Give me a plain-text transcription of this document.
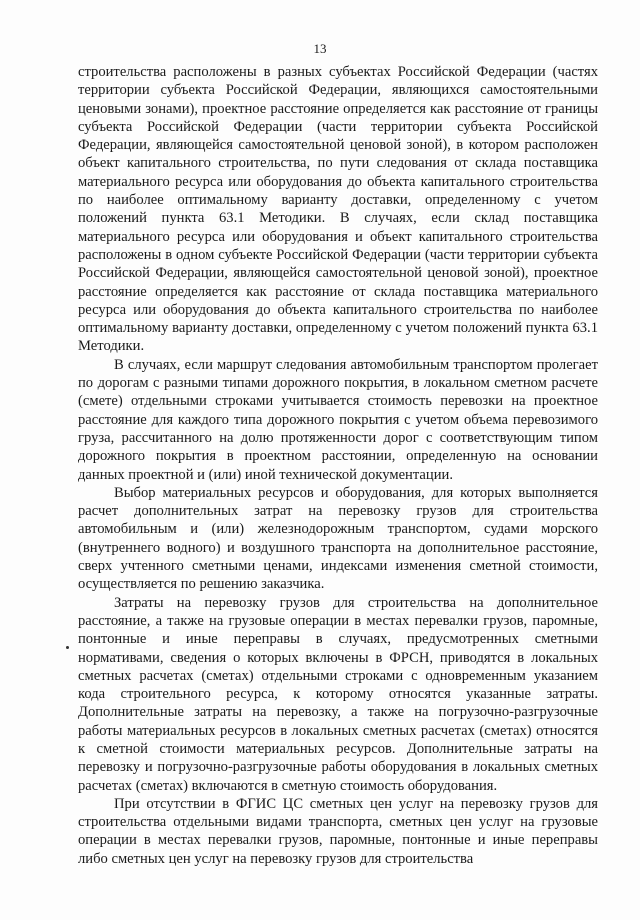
13

строительства расположены в разных субъектах Российской Федерации (частях территории субъекта Российской Федерации, являющихся самостоятельными ценовыми зонами), проектное расстояние определяется как расстояние от границы субъекта Российской Федерации (части территории субъекта Российской Федерации, являющейся самостоятельной ценовой зоной), в котором расположен объект капитального строительства, по пути следования от склада поставщика материального ресурса или оборудования до объекта капитального строительства по наиболее оптимальному варианту доставки, определенному с учетом положений пункта 63.1 Методики. В случаях, если склад поставщика материального ресурса или оборудования и объект капитального строительства расположены в одном субъекте Российской Федерации (части территории субъекта Российской Федерации, являющейся самостоятельной ценовой зоной), проектное расстояние определяется как расстояние от склада поставщика материального ресурса или оборудования до объекта капитального строительства по наиболее оптимальному варианту доставки, определенному с учетом положений пункта 63.1 Методики.

В случаях, если маршрут следования автомобильным транспортом пролегает по дорогам с разными типами дорожного покрытия, в локальном сметном расчете (смете) отдельными строками учитывается стоимость перевозки на проектное расстояние для каждого типа дорожного покрытия с учетом объема перевозимого груза, рассчитанного на долю протяженности дорог с соответствующим типом дорожного покрытия в проектном расстоянии, определенную на основании данных проектной и (или) иной технической документации.

Выбор материальных ресурсов и оборудования, для которых выполняется расчет дополнительных затрат на перевозку грузов для строительства автомобильным и (или) железнодорожным транспортом, судами морского (внутреннего водного) и воздушного транспорта на дополнительное расстояние, сверх учтенного сметными ценами, индексами изменения сметной стоимости, осуществляется по решению заказчика.

Затраты на перевозку грузов для строительства на дополнительное расстояние, а также на грузовые операции в местах перевалки грузов, паромные, понтонные и иные переправы в случаях, предусмотренных сметными нормативами, сведения о которых включены в ФРСН, приводятся в локальных сметных расчетах (сметах) отдельными строками с одновременным указанием кода строительного ресурса, к которому относятся указанные затраты. Дополнительные затраты на перевозку, а также на погрузочно-разгрузочные работы материальных ресурсов в локальных сметных расчетах (сметах) относятся к сметной стоимости материальных ресурсов. Дополнительные затраты на перевозку и погрузочно-разгрузочные работы оборудования в локальных сметных расчетах (сметах) включаются в сметную стоимость оборудования.

При отсутствии в ФГИС ЦС сметных цен услуг на перевозку грузов для строительства отдельными видами транспорта, сметных цен услуг на грузовые операции в местах перевалки грузов, паромные, понтонные и иные переправы либо сметных цен услуг на перевозку грузов для строительства
